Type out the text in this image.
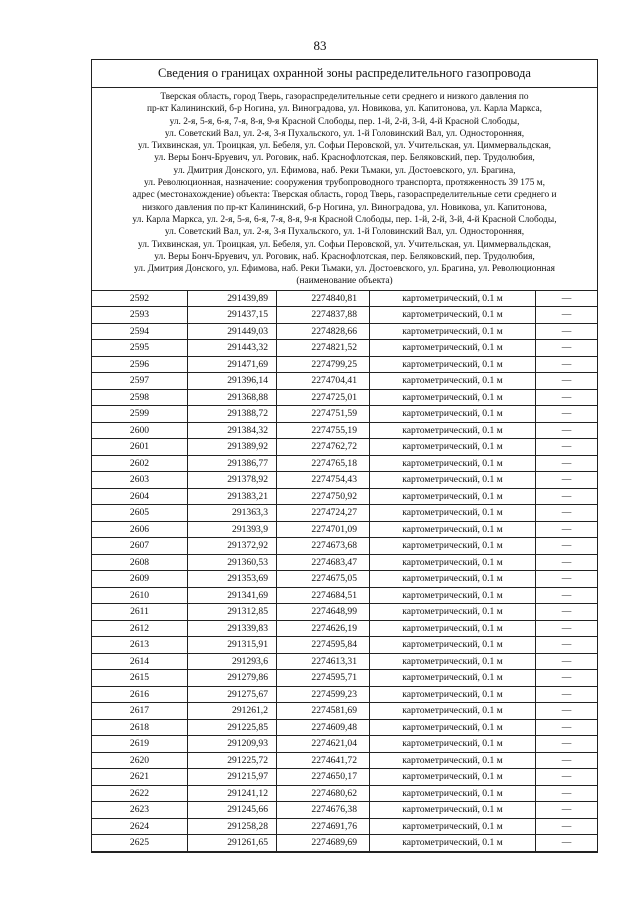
83
Сведения о границах охранной зоны распределительного газопровода
Тверская область, город Тверь, газораспределительные сети среднего и низкого давления по
пр-кт Калининский, б-р Ногина, ул. Виноградова, ул. Новикова, ул. Капитонова, ул. Карла Маркса,
ул. 2-я, 5-я, 6-я, 7-я, 8-я, 9-я Красной Слободы, пер. 1-й, 2-й, 3-й, 4-й Красной Слободы,
ул. Советский Вал, ул. 2-я, 3-я Пухальского, ул. 1-й Головинский Вал, ул. Односторонняя,
ул. Тихвинская, ул. Троицкая, ул. Бебеля, ул. Софьи Перовской, ул. Учительская, ул. Циммервальдская,
ул. Веры Бонч-Бруевич, ул. Роговик, наб. Краснофлотская, пер. Беляковский, пер. Трудолюбия,
ул. Дмитрия Донского, ул. Ефимова, наб. Реки Тьмаки, ул. Достоевского, ул. Брагина,
ул. Революционная, назначение: сооружения трубопроводного транспорта, протяженность 39 175 м,
адрес (местонахождение) объекта: Тверская область, город Тверь, газораспределительные сети среднего и
низкого давления по пр-кт Калининский, б-р Ногина, ул. Виноградова, ул. Новикова, ул. Капитонова,
ул. Карла Маркса, ул. 2-я, 5-я, 6-я, 7-я, 8-я, 9-я Красной Слободы, пер. 1-й, 2-й, 3-й, 4-й Красной Слободы,
ул. Советский Вал, ул. 2-я, 3-я Пухальского, ул. 1-й Головинский Вал, ул. Односторонняя,
ул. Тихвинская, ул. Троицкая, ул. Бебеля, ул. Софьи Перовской, ул. Учительская, ул. Циммервальдская,
ул. Веры Бонч-Бруевич, ул. Роговик, наб. Краснофлотская, пер. Беляковский, пер. Трудолюбия,
ул. Дмитрия Донского, ул. Ефимова, наб. Реки Тьмаки, ул. Достоевского, ул. Брагина, ул. Революционная
(наименование объекта)
2592	291439,89	2274840,81	картометрический, 0.1 м	—
2593	291437,15	2274837,88	картометрический, 0.1 м	—
2594	291449,03	2274828,66	картометрический, 0.1 м	—
2595	291443,32	2274821,52	картометрический, 0.1 м	—
2596	291471,69	2274799,25	картометрический, 0.1 м	—
2597	291396,14	2274704,41	картометрический, 0.1 м	—
2598	291368,88	2274725,01	картометрический, 0.1 м	—
2599	291388,72	2274751,59	картометрический, 0.1 м	—
2600	291384,32	2274755,19	картометрический, 0.1 м	—
2601	291389,92	2274762,72	картометрический, 0.1 м	—
2602	291386,77	2274765,18	картометрический, 0.1 м	—
2603	291378,92	2274754,43	картометрический, 0.1 м	—
2604	291383,21	2274750,92	картометрический, 0.1 м	—
2605	291363,3	2274724,27	картометрический, 0.1 м	—
2606	291393,9	2274701,09	картометрический, 0.1 м	—
2607	291372,92	2274673,68	картометрический, 0.1 м	—
2608	291360,53	2274683,47	картометрический, 0.1 м	—
2609	291353,69	2274675,05	картометрический, 0.1 м	—
2610	291341,69	2274684,51	картометрический, 0.1 м	—
2611	291312,85	2274648,99	картометрический, 0.1 м	—
2612	291339,83	2274626,19	картометрический, 0.1 м	—
2613	291315,91	2274595,84	картометрический, 0.1 м	—
2614	291293,6	2274613,31	картометрический, 0.1 м	—
2615	291279,86	2274595,71	картометрический, 0.1 м	—
2616	291275,67	2274599,23	картометрический, 0.1 м	—
2617	291261,2	2274581,69	картометрический, 0.1 м	—
2618	291225,85	2274609,48	картометрический, 0.1 м	—
2619	291209,93	2274621,04	картометрический, 0.1 м	—
2620	291225,72	2274641,72	картометрический, 0.1 м	—
2621	291215,97	2274650,17	картометрический, 0.1 м	—
2622	291241,12	2274680,62	картометрический, 0.1 м	—
2623	291245,66	2274676,38	картометрический, 0.1 м	—
2624	291258,28	2274691,76	картометрический, 0.1 м	—
2625	291261,65	2274689,69	картометрический, 0.1 м	—
